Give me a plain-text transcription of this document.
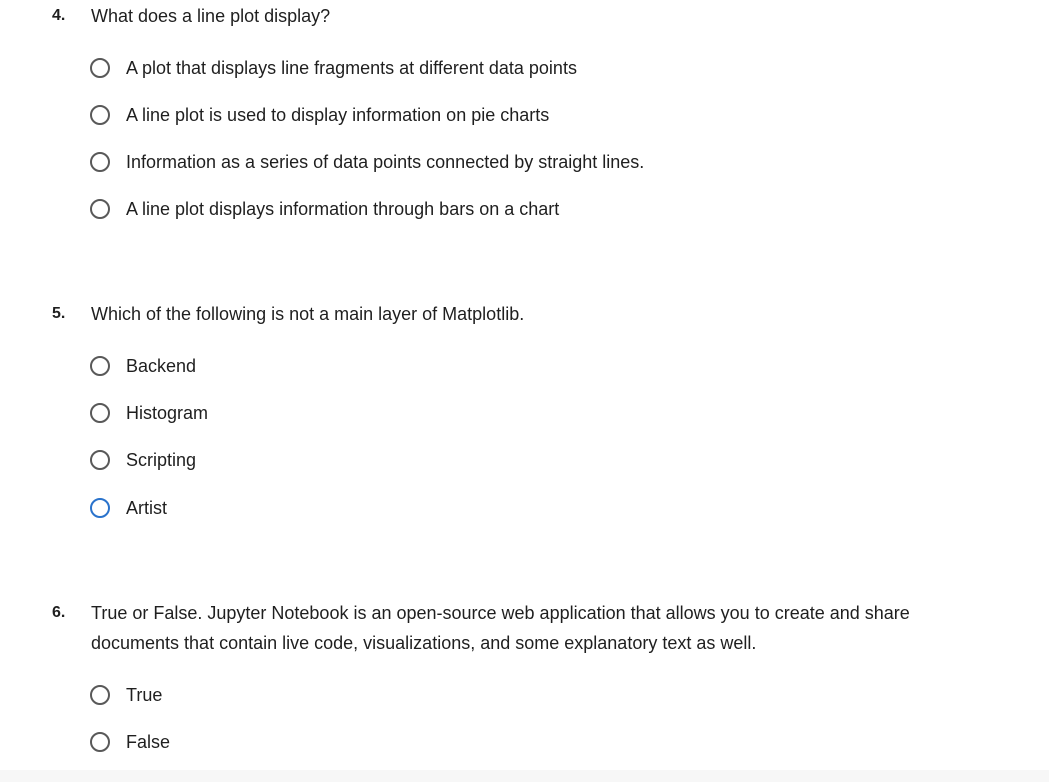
4. What does a line plot display?
A plot that displays line fragments at different data points
A line plot is used to display information on pie charts
Information as a series of data points connected by straight lines.
A line plot displays information through bars on a chart
5. Which of the following is not a main layer of Matplotlib.
Backend
Histogram
Scripting
Artist
6. True or False. Jupyter Notebook is an open-source web application that allows you to create and share documents that contain live code, visualizations, and some explanatory text as well.
True
False
